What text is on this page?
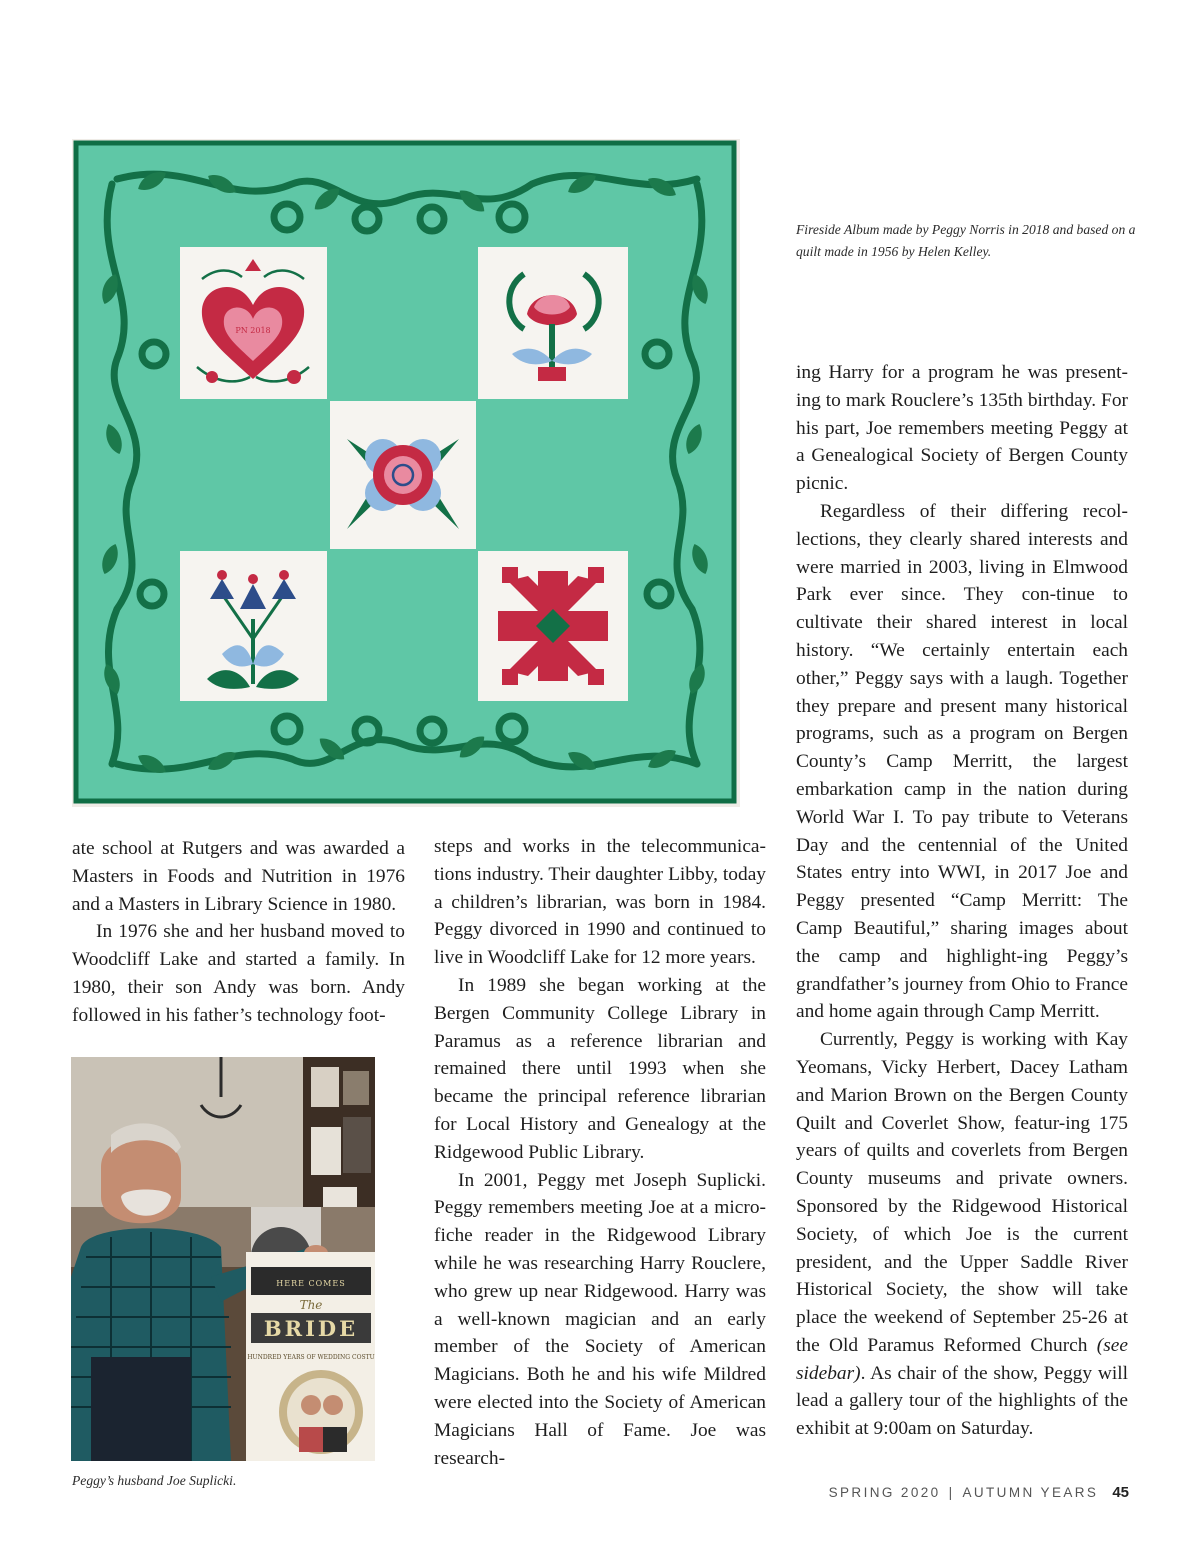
PN 2018
Fireside Album made by Peggy Norris in 2018 and based on a quilt made in 1956 by Helen Kelley.

ate school at Rutgers and was awarded a Masters in Foods and Nutrition in 1976 and a Masters in Library Science in 1980.

In 1976 she and her husband moved to Woodcliff Lake and started a family. In 1980, their son Andy was born. Andy followed in his father’s technology foot-

HERE COMES
The
BRIDE
HUNDRED YEARS OF WEDDING COSTU
Peggy’s husband Joe Suplicki.

steps and works in the telecommunica-tions industry. Their daughter Libby, today a children’s librarian, was born in 1984. Peggy divorced in 1990 and continued to live in Woodcliff Lake for 12 more years.

In 1989 she began working at the Bergen Community College Library in Paramus as a reference librarian and remained there until 1993 when she became the principal reference librarian for Local History and Genealogy at the Ridgewood Public Library.

In 2001, Peggy met Joseph Suplicki. Peggy remembers meeting Joe at a micro-fiche reader in the Ridgewood Library while he was researching Harry Rouclere, who grew up near Ridgewood. Harry was a well-known magician and an early member of the Society of American Magicians. Both he and his wife Mildred were elected into the Society of American Magicians Hall of Fame. Joe was research-

ing Harry for a program he was present-ing to mark Rouclere’s 135th birthday. For his part, Joe remembers meeting Peggy at a Genealogical Society of Bergen County picnic.

Regardless of their differing recol-lections, they clearly shared interests and were married in 2003, living in Elmwood Park ever since. They con-tinue to cultivate their shared interest in local history. “We certainly entertain each other,” Peggy says with a laugh. Together they prepare and present many historical programs, such as a program on Bergen County’s Camp Merritt, the largest embarkation camp in the nation during World War I. To pay tribute to Veterans Day and the centennial of the United States entry into WWI, in 2017 Joe and Peggy presented “Camp Merritt: The Camp Beautiful,” sharing images about the camp and highlight-ing Peggy’s grandfather’s journey from Ohio to France and home again through Camp Merritt.

Currently, Peggy is working with Kay Yeomans, Vicky Herbert, Dacey Latham and Marion Brown on the Bergen County Quilt and Coverlet Show, featur-ing 175 years of quilts and coverlets from Bergen County museums and private owners. Sponsored by the Ridgewood Historical Society, of which Joe is the current president, and the Upper Saddle River Historical Society, the show will take place the weekend of September 25-26 at the Old Paramus Reformed Church (see sidebar). As chair of the show, Peggy will lead a gallery tour of the highlights of the exhibit at 9:00am on Saturday.

SPRING 2020 | AUTUMN YEARS 45
